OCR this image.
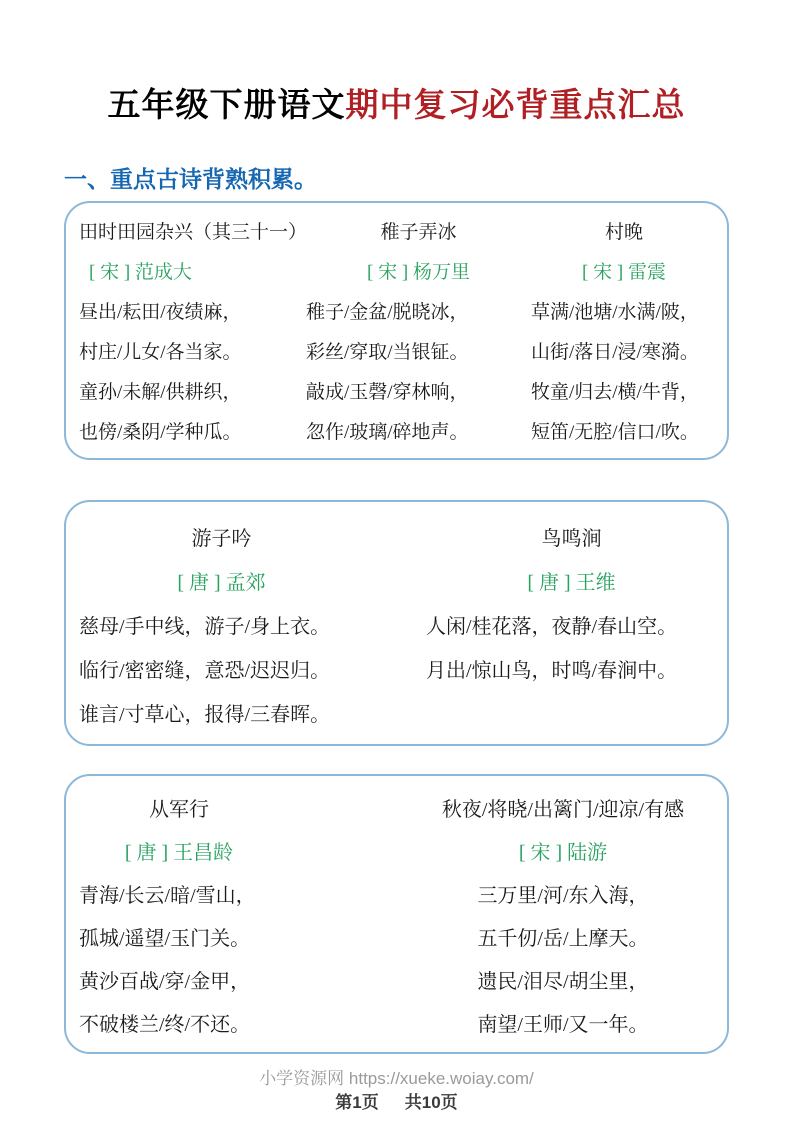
五年级下册语文期中复习必背重点汇总
一、重点古诗背熟积累。
田时田园杂兴（其三十一）
[ 宋 ] 范成大
昼出/耘田/夜绩麻，
村庄/儿女/各当家。
童孙/未解/供耕织，
也傍/桑阴/学种瓜。
稚子弄冰
[ 宋 ] 杨万里
稚子/金盆/脱晓冰，
彩丝/穿取/当银钲。
敲成/玉磬/穿林响，
忽作/玻璃/碎地声。
村晚
[ 宋 ] 雷震
草满/池塘/水满/陂，
山街/落日/浸/寒漪。
牧童/归去/横/牛背，
短笛/无腔/信口/吹。
游子吟
[ 唐 ] 孟郊
慈母/手中线，游子/身上衣。
临行/密密缝，意恐/迟迟归。
谁言/寸草心，报得/三春晖。
鸟鸣涧
[ 唐 ] 王维
人闲/桂花落，夜静/春山空。
月出/惊山鸟，时鸣/春涧中。
从军行
[ 唐 ] 王昌龄
青海/长云/暗/雪山，
孤城/遥望/玉门关。
黄沙百战/穿/金甲，
不破楼兰/终/不还。
秋夜/将晓/出篱门/迎凉/有感
[ 宋 ] 陆游
三万里/河/东入海，
五千仞/岳/上摩天。
遗民/泪尽/胡尘里，
南望/王师/又一年。
小学资源网 https://xueke.woiay.com/
第1页 共10页
